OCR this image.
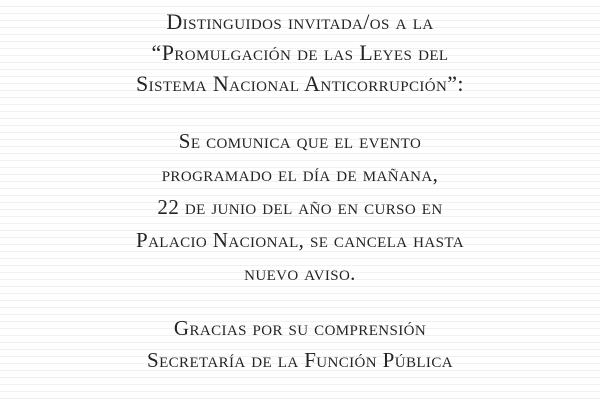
Distinguidos invitada/os a la
“Promulgación de las Leyes del
Sistema Nacional Anticorrupción”:
Se comunica que el evento
programado el día de mañana,
22 de junio del año en curso en
Palacio Nacional, se cancela hasta
nuevo aviso.
Gracias por su comprensión
Secretaría de la Función Pública
